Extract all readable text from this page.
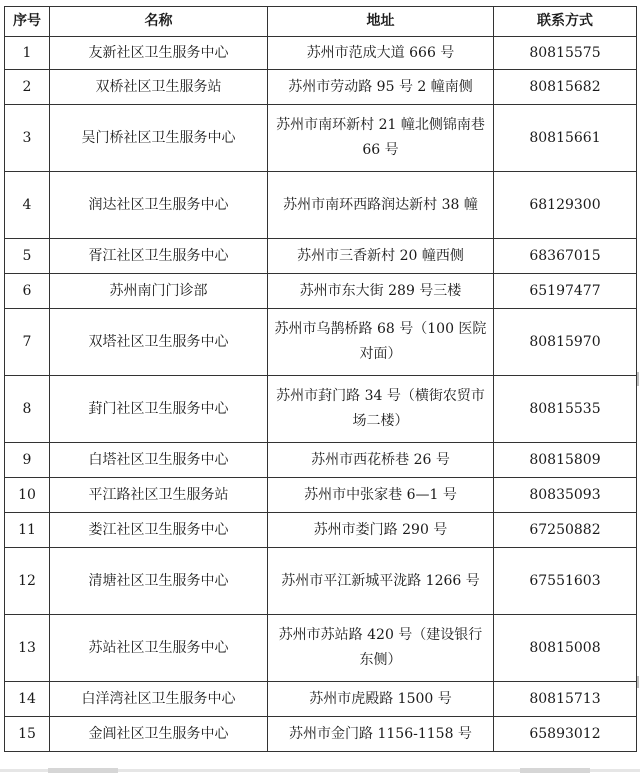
序号	名称	地址	联系方式
1	友新社区卫生服务中心	苏州市范成大道 666 号	80815575
2	双桥社区卫生服务站	苏州市劳动路 95 号 2 幢南侧	80815682
3	吴门桥社区卫生服务中心	苏州市南环新村 21 幢北侧锦南巷 66 号	80815661
4	润达社区卫生服务中心	苏州市南环西路润达新村 38 幢	68129300
5	胥江社区卫生服务中心	苏州市三香新村 20 幢西侧	68367015
6	苏州南门门诊部	苏州市东大街 289 号三楼	65197477
7	双塔社区卫生服务中心	苏州市乌鹊桥路 68 号（100 医院对面）	80815970
8	葑门社区卫生服务中心	苏州市葑门路 34 号（横街农贸市场二楼）	80815535
9	白塔社区卫生服务中心	苏州市西花桥巷 26 号	80815809
10	平江路社区卫生服务站	苏州市中张家巷 6—1 号	80835093
11	娄江社区卫生服务中心	苏州市娄门路 290 号	67250882
12	清塘社区卫生服务中心	苏州市平江新城平泷路 1266 号	67551603
13	苏站社区卫生服务中心	苏州市苏站路 420 号（建设银行东侧）	80815008
14	白洋湾社区卫生服务中心	苏州市虎殿路 1500 号	80815713
15	金阊社区卫生服务中心	苏州市金门路 1156-1158 号	65893012
